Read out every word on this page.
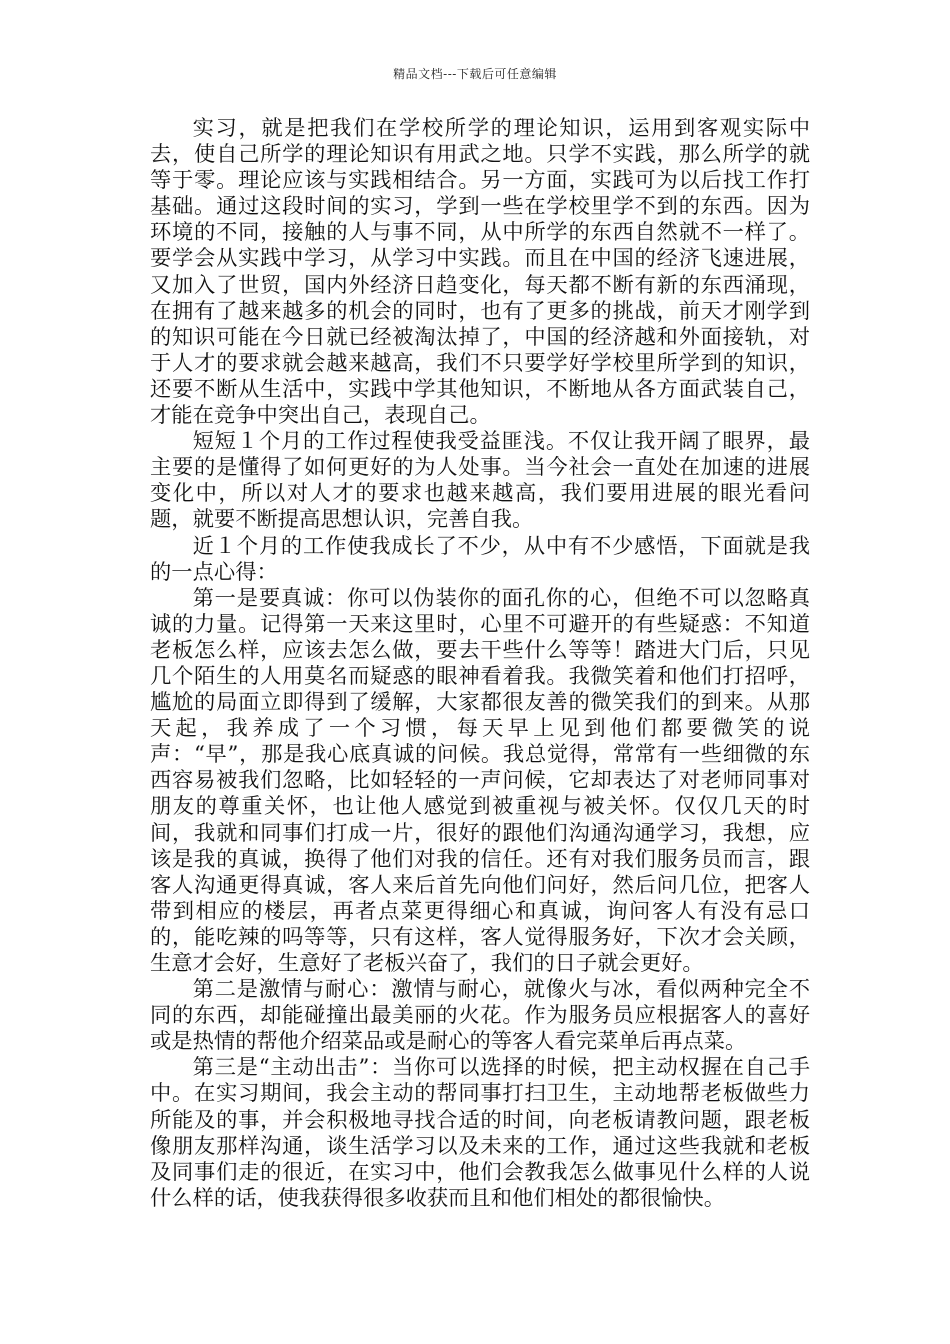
精品文档---下载后可任意编辑

实习，就是把我们在学校所学的理论知识，运用到客观实际中去，使自己所学的理论知识有用武之地。只学不实践，那么所学的就等于零。理论应该与实践相结合。另一方面，实践可为以后找工作打基础。通过这段时间的实习，学到一些在学校里学不到的东西。因为环境的不同，接触的人与事不同，从中所学的东西自然就不一样了。要学会从实践中学习，从学习中实践。而且在中国的经济飞速进展，又加入了世贸，国内外经济日趋变化，每天都不断有新的东西涌现，在拥有了越来越多的机会的同时，也有了更多的挑战，前天才刚学到的知识可能在今日就已经被淘汰掉了，中国的经济越和外面接轨，对于人才的要求就会越来越高，我们不只要学好学校里所学到的知识，还要不断从生活中，实践中学其他知识，不断地从各方面武装自己，才能在竞争中突出自己，表现自己。

短短１个月的工作过程使我受益匪浅。不仅让我开阔了眼界，最主要的是懂得了如何更好的为人处事。当今社会一直处在加速的进展变化中，所以对人才的要求也越来越高，我们要用进展的眼光看问题，就要不断提高思想认识，完善自我。

近１个月的工作使我成长了不少，从中有不少感悟，下面就是我的一点心得：

第一是要真诚：你可以伪装你的面孔你的心，但绝不可以忽略真诚的力量。记得第一天来这里时，心里不可避开的有些疑惑：不知道老板怎么样，应该去怎么做，要去干些什么等等！踏进大门后，只见几个陌生的人用莫名而疑惑的眼神看着我。我微笑着和他们打招呼，尴尬的局面立即得到了缓解，大家都很友善的微笑我们的到来。从那天起，我养成了一个习惯，每天早上见到他们都要微笑的说声：“早”，那是我心底真诚的问候。我总觉得，常常有一些细微的东西容易被我们忽略，比如轻轻的一声问候，它却表达了对老师同事对朋友的尊重关怀，也让他人感觉到被重视与被关怀。仅仅几天的时间，我就和同事们打成一片，很好的跟他们沟通沟通学习，我想，应该是我的真诚，换得了他们对我的信任。还有对我们服务员而言，跟客人沟通更得真诚，客人来后首先向他们问好，然后问几位，把客人带到相应的楼层，再者点菜更得细心和真诚，询问客人有没有忌口的，能吃辣的吗等等，只有这样，客人觉得服务好，下次才会关顾，生意才会好，生意好了老板兴奋了，我们的日子就会更好。

第二是激情与耐心：激情与耐心，就像火与冰，看似两种完全不同的东西，却能碰撞出最美丽的火花。作为服务员应根据客人的喜好或是热情的帮他介绍菜品或是耐心的等客人看完菜单后再点菜。

第三是“主动出击”：当你可以选择的时候，把主动权握在自己手中。在实习期间，我会主动的帮同事打扫卫生，主动地帮老板做些力所能及的事，并会积极地寻找合适的时间，向老板请教问题，跟老板像朋友那样沟通，谈生活学习以及未来的工作，通过这些我就和老板及同事们走的很近，在实习中，他们会教我怎么做事见什么样的人说什么样的话，使我获得很多收获而且和他们相处的都很愉快。
